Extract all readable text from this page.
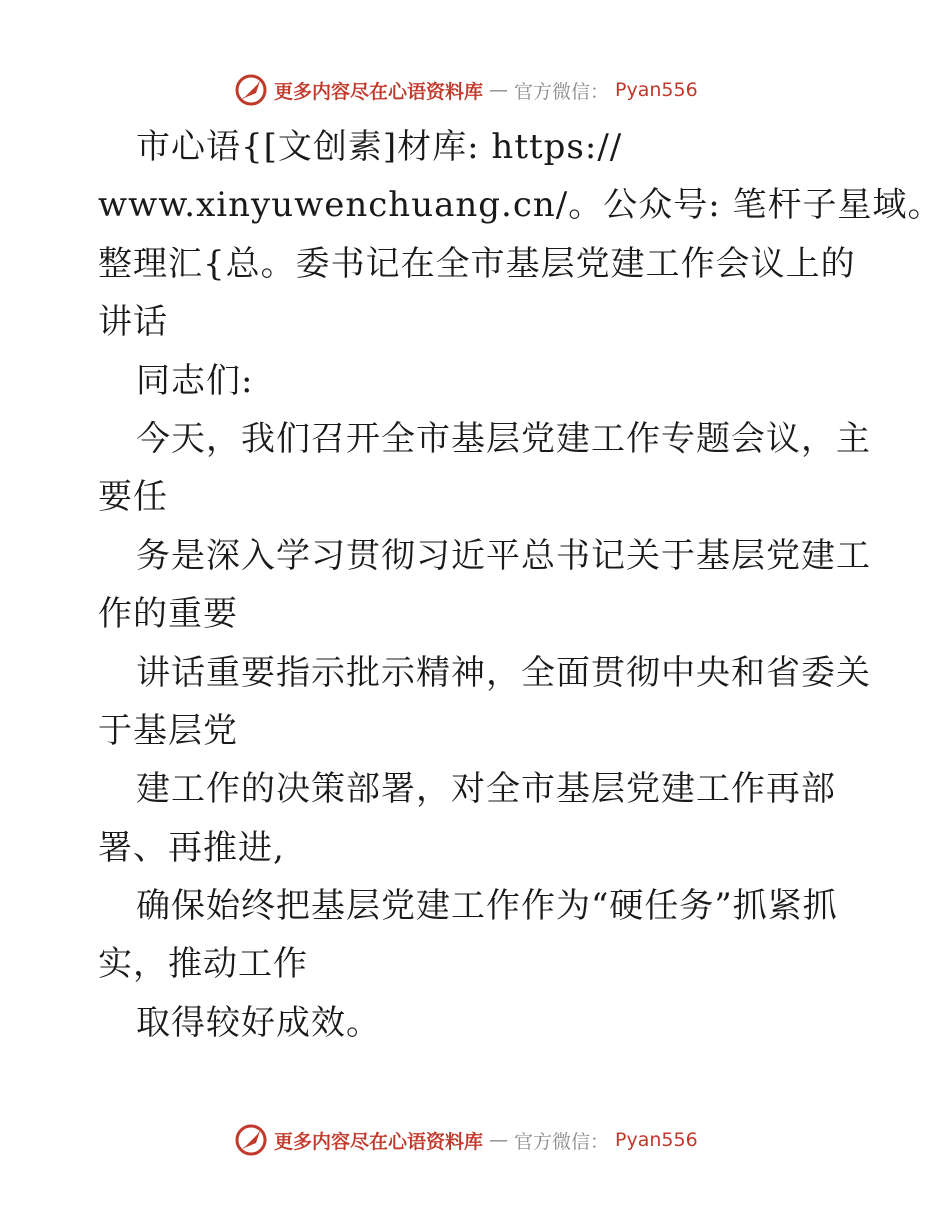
更多内容尽在心语资料库 — 官方微信： Pyan556
市心语{[文创素]材库: https://
www.xinyuwenchuang.cn/。公众号: 笔杆子星域。
整理汇{总。委书记在全市基层党建工作会议上的
讲话
同志们:
今天，我们召开全市基层党建工作专题会议，主
要任
务是深入学习贯彻习近平总书记关于基层党建工
作的重要
讲话重要指示批示精神，全面贯彻中央和省委关
于基层党
建工作的决策部署，对全市基层党建工作再部
署、再推进,
确保始终把基层党建工作作为“硬任务”抓紧抓
实，推动工作
取得较好成效。
更多内容尽在心语资料库 — 官方微信： Pyan556
